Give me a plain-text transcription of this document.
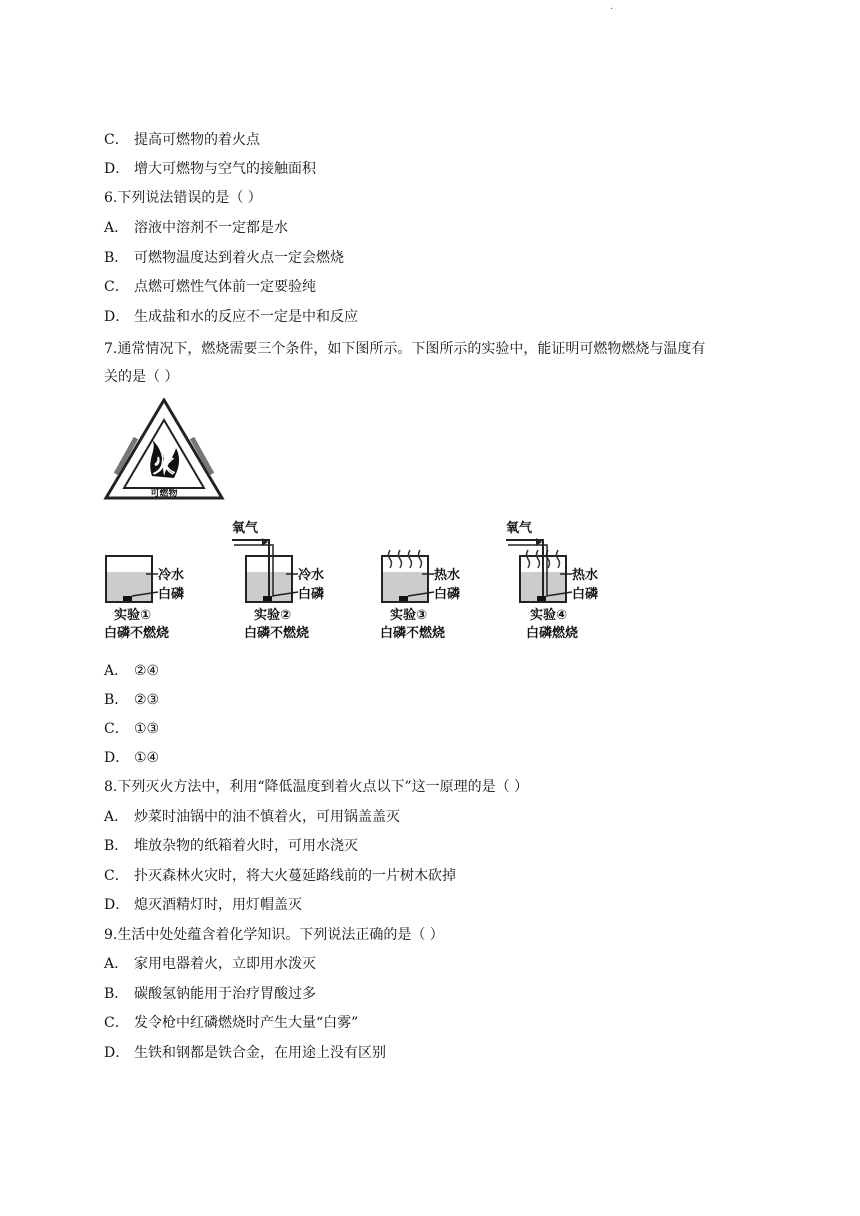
·
C． 提高可燃物的着火点
D． 增大可燃物与空气的接触面积
6.下列说法错误的是（ ）
A． 溶液中溶剂不一定都是水
B． 可燃物温度达到着火点一定会燃烧
C． 点燃可燃性气体前一定要验纯
D． 生成盐和水的反应不一定是中和反应
7.通常情况下，燃烧需要三个条件，如下图所示。下图所示的实验中，能证明可燃物燃烧与温度有
关的是（ ）
火
可燃物
冷水
白磷
实验①
白磷不燃烧
氧气
冷水
白磷
实验②
白磷不燃烧
热水
白磷
实验③
白磷不燃烧
氧气
热水
白磷
实验④
白磷燃烧
A． ②④
B． ②③
C． ①③
D． ①④
8.下列灭火方法中，利用“降低温度到着火点以下”这一原理的是（ ）
A． 炒菜时油锅中的油不慎着火，可用锅盖盖灭
B． 堆放杂物的纸箱着火时，可用水浇灭
C． 扑灭森林火灾时，将大火蔓延路线前的一片树木砍掉
D． 熄灭酒精灯时，用灯帽盖灭
9.生活中处处蕴含着化学知识。下列说法正确的是（ ）
A． 家用电器着火，立即用水泼灭
B． 碳酸氢钠能用于治疗胃酸过多
C． 发令枪中红磷燃烧时产生大量“白雾”
D． 生铁和钢都是铁合金，在用途上没有区别
